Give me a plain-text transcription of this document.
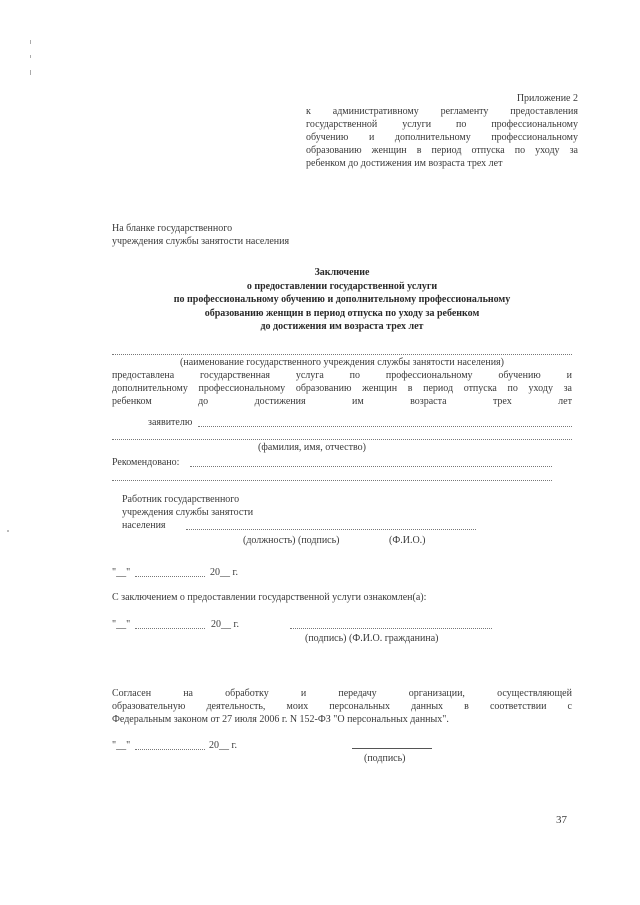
Приложение 2
к административному регламенту предоставления
государственной услуги по профессиональному
обучению и дополнительному профессиональному
образованию женщин в период отпуска по уходу за
ребенком до достижения им возраста трех лет
На бланке государственного
учреждения службы занятости населения
Заключение
о предоставлении государственной услуги
по профессиональному обучению и дополнительному профессиональному
образованию женщин в период отпуска по уходу за ребенком
до достижения им возраста трех лет
(наименование государственного учреждения службы занятости населения)
предоставлена государственная услуга по профессиональному обучению и
дополнительному профессиональному образованию женщин в период отпуска по уходу за
ребенком	до	достижения	им	возраста	трех	лет
заявителю
(фамилия, имя, отчество)
Рекомендовано:
Работник государственного
учреждения службы занятости
населения
(должность) (подпись)	(Ф.И.О.)
"__"	20__ г.
С заключением о предоставлении государственной услуги ознакомлен(а):
"__"	20__ г.
(подпись) (Ф.И.О. гражданина)
Согласен	на	обработку	и	передачу	организации,	осуществляющей
образовательную деятельность, моих персональных данных в соответствии с
Федеральным законом от 27 июля 2006 г. N 152-ФЗ "О персональных данных".
"__"	20__ г.
(подпись)
37
